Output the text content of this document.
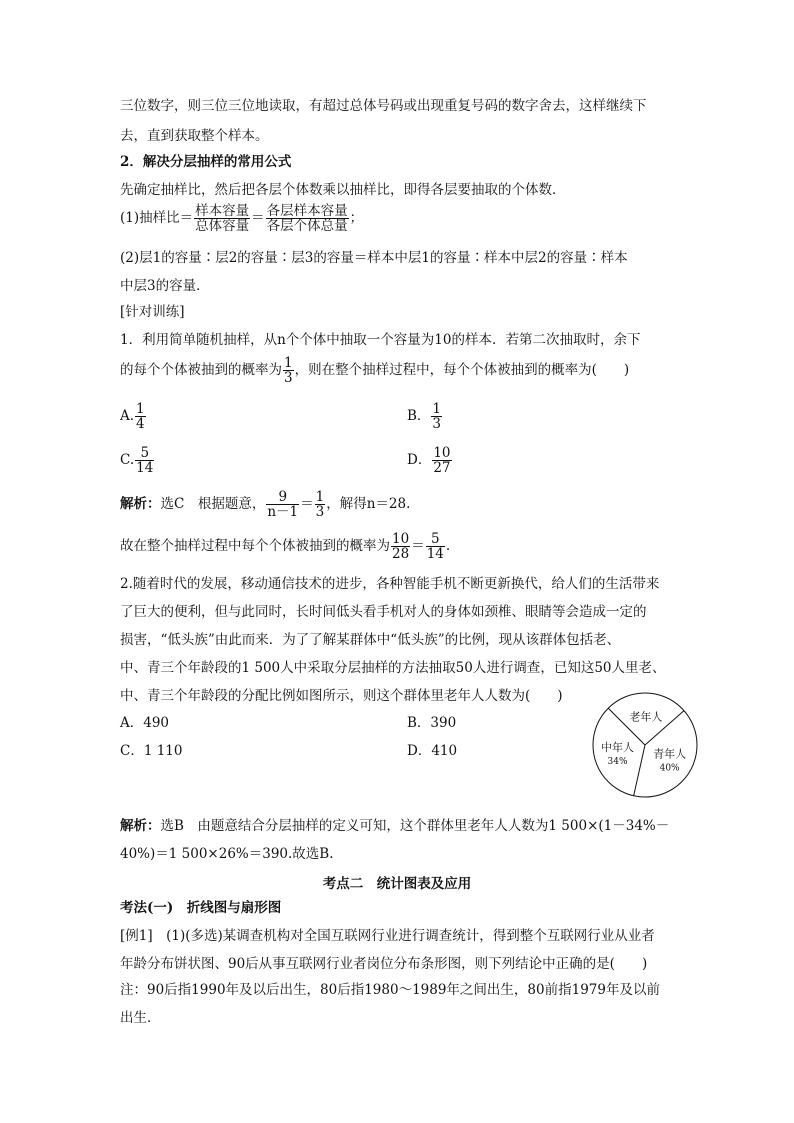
三位数字，则三位三位地读取，有超过总体号码或出现重复号码的数字舍去，这样继续下
去，直到获取整个样本。
2．解决分层抽样的常用公式
先确定抽样比，然后把各层个体数乘以抽样比，即得各层要抽取的个体数．
(1)抽样比＝ $\frac{\text{样本容量}}{\text{总体容量}} = \frac{\text{各层样本容量}}{\text{各层个体总量}}$ ；
(2)层1的容量∶层2的容量∶层3的容量＝样本中层1的容量∶样本中层2的容量∶样本
中层3的容量．
[针对训练]
1．利用简单随机抽样，从n个个体中抽取一个容量为10的样本．若第二次抽取时，余下
的每个个体被抽到的概率为 $\frac{1}{3}$ ，则在整个抽样过程中，每个个体被抽到的概率为(　　)
A. $\frac{1}{4}$	B． $\frac{1}{3}$
C. $\frac{5}{14}$	D． $\frac{10}{27}$
解析：选C　根据题意， $\frac{9}{n-1} = \frac{1}{3}$ ，解得n＝28.
故在整个抽样过程中每个个体被抽到的概率为 $\frac{10}{28} = \frac{5}{14}$ .
2.随着时代的发展，移动通信技术的进步，各种智能手机不断更新换代，给人们的生活带来
了巨大的便利，但与此同时，长时间低头看手机对人的身体如颈椎、眼睛等会造成一定的
损害，“低头族”由此而来．为了了解某群体中“低头族”的比例，现从该群体包括老、
中、青三个年龄段的1 500人中采取分层抽样的方法抽取50人进行调查，已知这50人里老、
中、青三个年龄段的分配比例如图所示，则这个群体里老年人人数为(　　)
A．490	B．390
C．1 110	D．410
老年人
中年人
34%
青年人
40%
解析：选B　由题意结合分层抽样的定义可知，这个群体里老年人人数为1 500×(1－34%－
40%)＝1 500×26%＝390.故选B.
考点二　统计图表及应用
考法(一)　折线图与扇形图
[例1]　(1)(多选)某调查机构对全国互联网行业进行调查统计，得到整个互联网行业从业者
年龄分布饼状图、90后从事互联网行业者岗位分布条形图，则下列结论中正确的是(　　)
注：90后指1990年及以后出生，80后指1980～1989年之间出生，80前指1979年及以前
出生．
